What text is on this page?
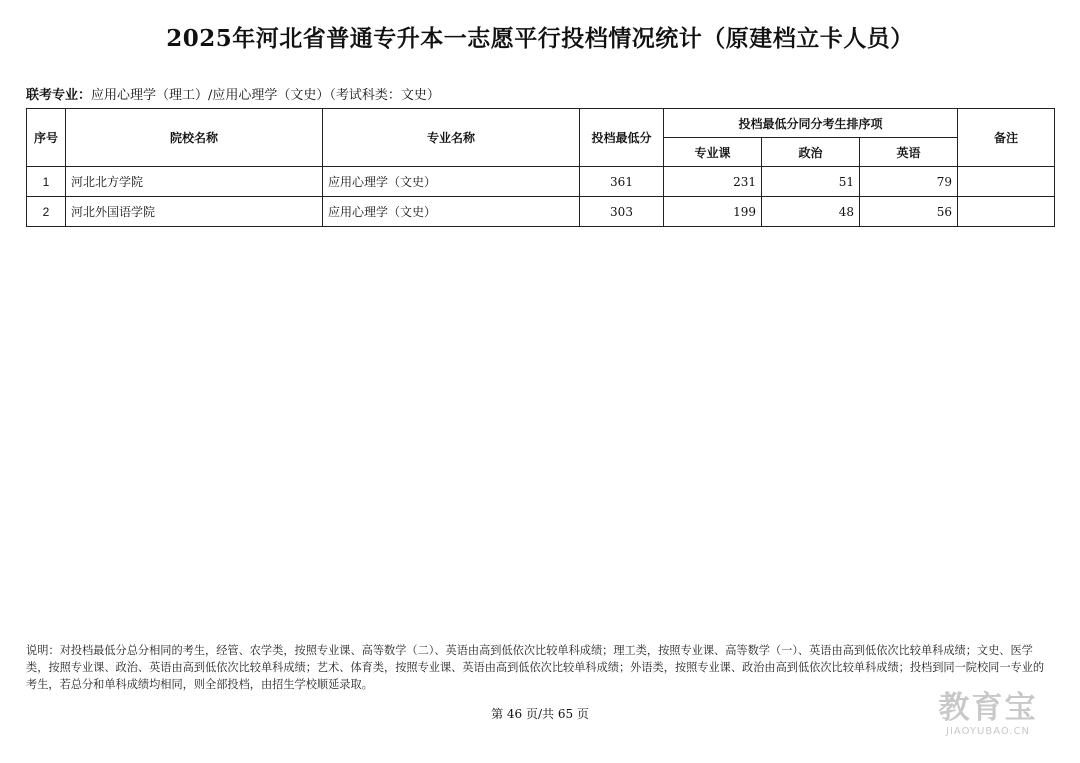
2025年河北省普通专升本一志愿平行投档情况统计（原建档立卡人员）
联考专业：应用心理学（理工）/应用心理学（文史）（考试科类：文史）
序号	院校名称	专业名称	投档最低分	投档最低分同分考生排序项			备注
				专业课	政治	英语	
1	河北北方学院	应用心理学（文史）	361	231	51	79	
2	河北外国语学院	应用心理学（文史）	303	199	48	56	
说明：对投档最低分总分相同的考生，经管、农学类，按照专业课、高等数学（二）、英语由高到低依次比较单科成绩；理工类，按照专业课、高等数学（一）、英语由高到低依次比较单科成绩；文史、医学类，按照专业课、政治、英语由高到低依次比较单科成绩；艺术、体育类，按照专业课、英语由高到低依次比较单科成绩；外语类，按照专业课、政治由高到低依次比较单科成绩；投档到同一院校同一专业的考生，若总分和单科成绩均相同，则全部投档，由招生学校顺延录取。
第 46 页/共 65 页	教育宝
JIAOYUBAO.CN
